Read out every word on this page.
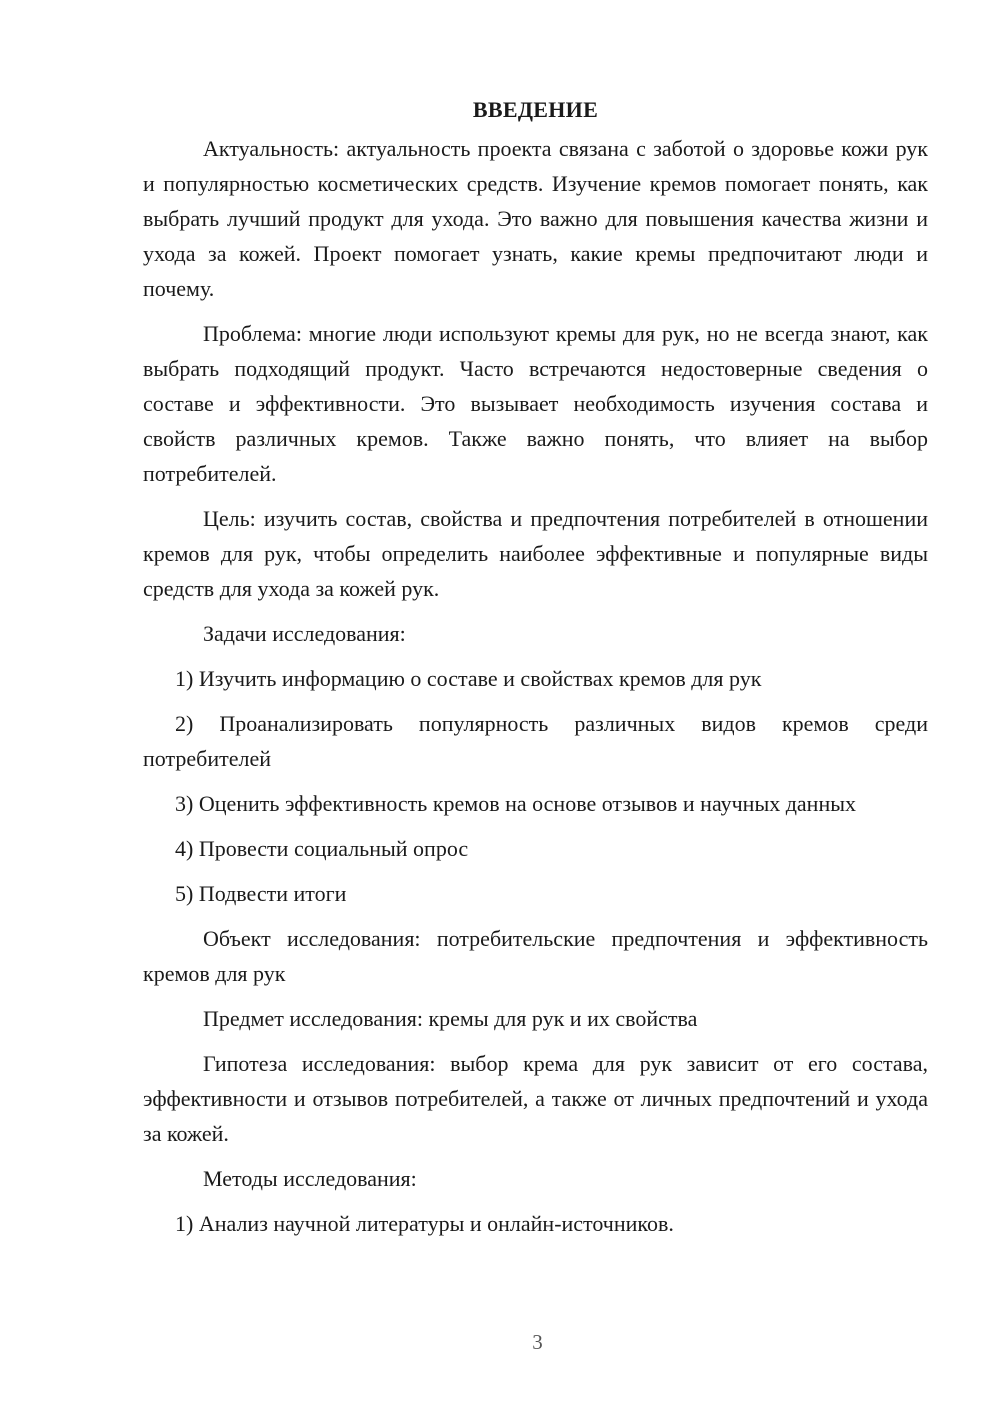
ВВЕДЕНИЕ

Актуальность: актуальность проекта связана с заботой о здоровье кожи рук и популярностью косметических средств. Изучение кремов помогает понять, как выбрать лучший продукт для ухода. Это важно для повышения качества жизни и ухода за кожей. Проект помогает узнать, какие кремы предпочитают люди и почему.

Проблема: многие люди используют кремы для рук, но не всегда знают, как выбрать подходящий продукт. Часто встречаются недостоверные сведения о составе и эффективности. Это вызывает необходимость изучения состава и свойств различных кремов. Также важно понять, что влияет на выбор потребителей.

Цель: изучить состав, свойства и предпочтения потребителей в отношении кремов для рук, чтобы определить наиболее эффективные и популярные виды средств для ухода за кожей рук.

Задачи исследования:

1) Изучить информацию о составе и свойствах кремов для рук

2) Проанализировать популярность различных видов кремов среди потребителей

3) Оценить эффективность кремов на основе отзывов и научных данных

4) Провести социальный опрос

5) Подвести итоги

Объект исследования: потребительские предпочтения и эффективность кремов для рук

Предмет исследования: кремы для рук и их свойства

Гипотеза исследования: выбор крема для рук зависит от его состава, эффективности и отзывов потребителей, а также от личных предпочтений и ухода за кожей.

Методы исследования:

1) Анализ научной литературы и онлайн-источников.

3
